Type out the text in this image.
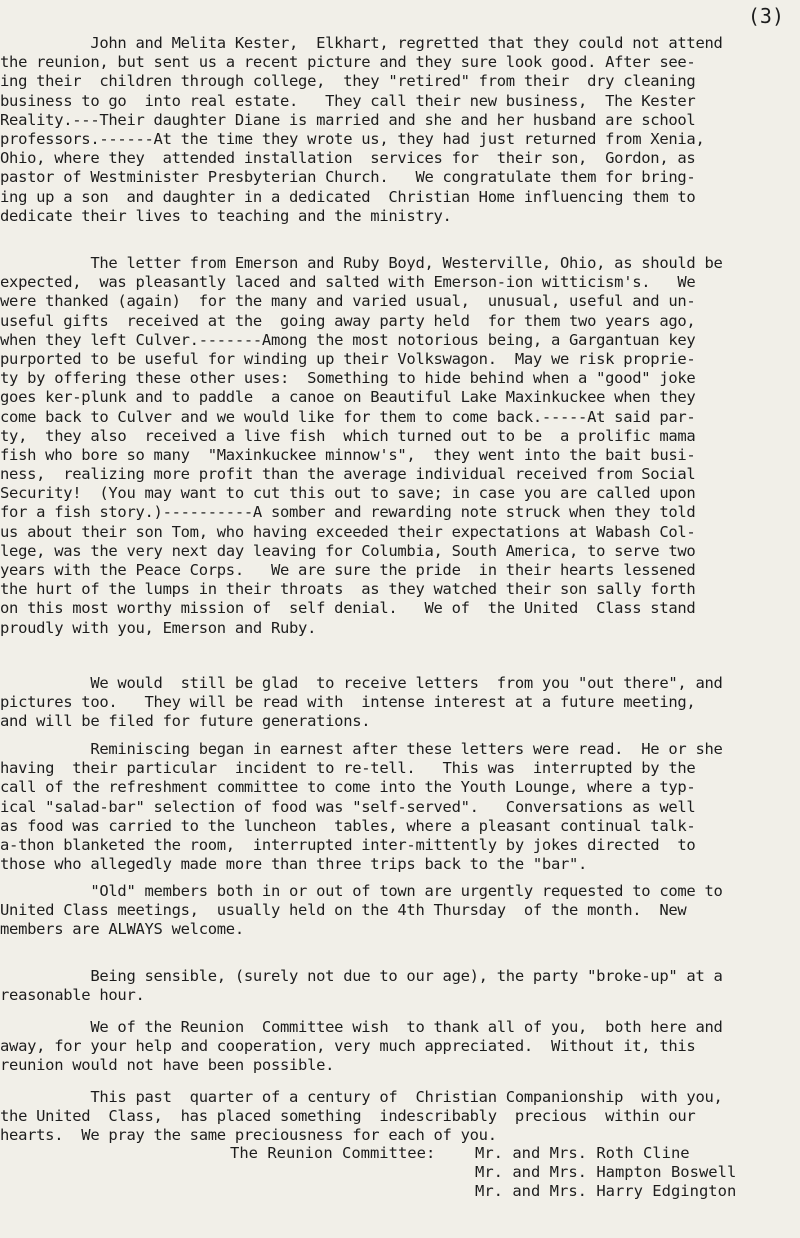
(3)
John and Melita Kester,  Elkhart, regretted that they could not attend
the reunion, but sent us a recent picture and they sure look good. After see-
ing their  children through college,  they "retired" from their  dry cleaning
business to go  into real estate.   They call their new business,  The Kester
Reality.---Their daughter Diane is married and she and her husband are school
professors.------At the time they wrote us, they had just returned from Xenia,
Ohio, where they  attended installation  services for  their son,  Gordon, as
pastor of Westminister Presbyterian Church.   We congratulate them for bring-
ing up a son  and daughter in a dedicated  Christian Home influencing them to
dedicate their lives to teaching and the ministry.
The letter from Emerson and Ruby Boyd, Westerville, Ohio, as should be
expected,  was pleasantly laced and salted with Emerson-ion witticism's.   We
were thanked (again)  for the many and varied usual,  unusual, useful and un-
useful gifts  received at the  going away party held  for them two years ago,
when they left Culver.-------Among the most notorious being, a Gargantuan key
purported to be useful for winding up their Volkswagon.  May we risk proprie-
ty by offering these other uses:  Something to hide behind when a "good" joke
goes ker-plunk and to paddle  a canoe on Beautiful Lake Maxinkuckee when they
come back to Culver and we would like for them to come back.-----At said par-
ty,  they also  received a live fish  which turned out to be  a prolific mama
fish who bore so many  "Maxinkuckee minnow's",  they went into the bait busi-
ness,  realizing more profit than the average individual received from Social
Security!  (You may want to cut this out to save; in case you are called upon
for a fish story.)----------A somber and rewarding note struck when they told
us about their son Tom, who having exceeded their expectations at Wabash Col-
lege, was the very next day leaving for Columbia, South America, to serve two
years with the Peace Corps.   We are sure the pride  in their hearts lessened
the hurt of the lumps in their throats  as they watched their son sally forth
on this most worthy mission of  self denial.   We of  the United  Class stand
proudly with you, Emerson and Ruby.
We would  still be glad  to receive letters  from you "out there", and
pictures too.   They will be read with  intense interest at a future meeting,
and will be filed for future generations.
Reminiscing began in earnest after these letters were read.  He or she
having  their particular  incident to re-tell.   This was  interrupted by the
call of the refreshment committee to come into the Youth Lounge, where a typ-
ical "salad-bar" selection of food was "self-served".   Conversations as well
as food was carried to the luncheon  tables, where a pleasant continual talk-
a-thon blanketed the room,  interrupted inter-mittently by jokes directed  to
those who allegedly made more than three trips back to the "bar".
"Old" members both in or out of town are urgently requested to come to
United Class meetings,  usually held on the 4th Thursday  of the month.  New
members are ALWAYS welcome.
Being sensible, (surely not due to our age), the party "broke-up" at a
reasonable hour.
We of the Reunion  Committee wish  to thank all of you,  both here and
away, for your help and cooperation, very much appreciated.  Without it, this
reunion would not have been possible.
This past  quarter of a century of  Christian Companionship  with you,
the United  Class,  has placed something  indescribably  precious  within our
hearts.  We pray the same preciousness for each of you.
The Reunion Committee:	Mr. and Mrs. Roth Cline
Mr. and Mrs. Hampton Boswell
Mr. and Mrs. Harry Edgington
